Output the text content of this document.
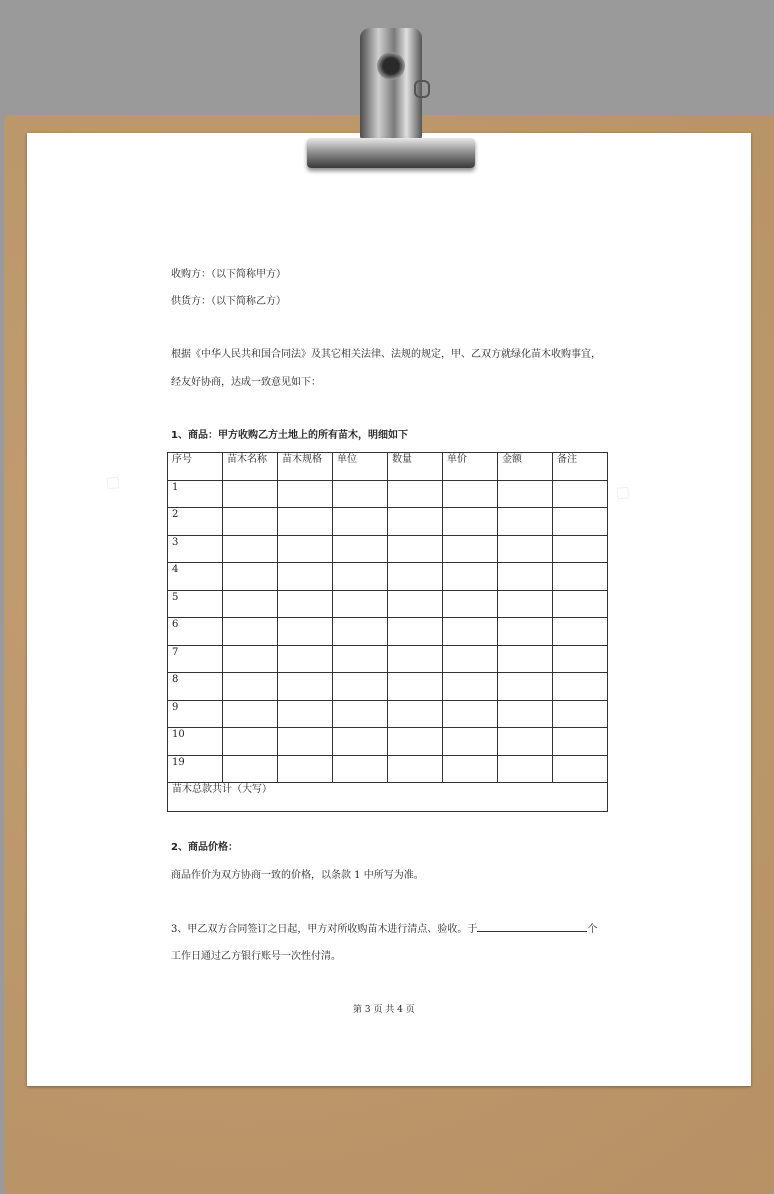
收购方：（以下简称甲方）
供货方：（以下简称乙方）
根据《中华人民共和国合同法》及其它相关法律、法规的规定，甲、乙双方就绿化苗木收购事宜，
经友好协商，达成一致意见如下：
1、商品：甲方收购乙方土地上的所有苗木，明细如下
序号	苗木名称	苗木规格	单位	数量	单价	金额	备注
1							
2							
3							
4							
5							
6							
7							
8							
9							
10							
19							
苗木总款共计（大写）							
2、商品价格：
商品作价为双方协商一致的价格，以条款 1 中所写为准。
3、甲乙双方合同签订之日起，甲方对所收购苗木进行清点、验收。于	个
工作日通过乙方银行账号一次性付清。
第 3 页 共 4 页
◇	◇
